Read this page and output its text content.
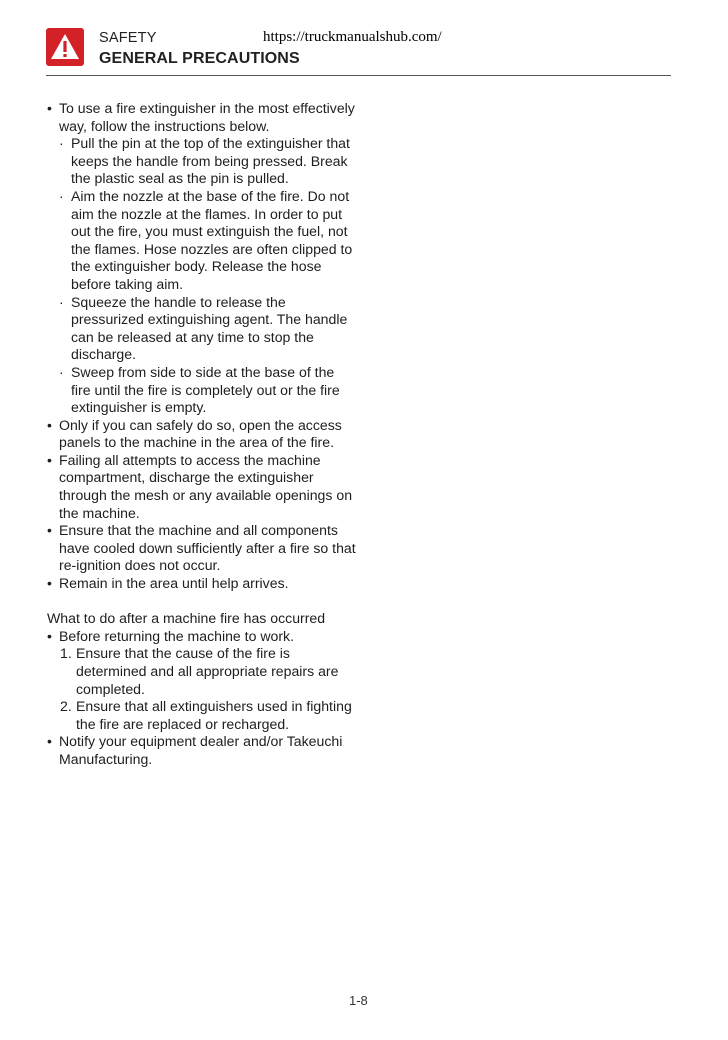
SAFETY	https://truckmanualshub.com/
GENERAL PRECAUTIONS
• To use a fire extinguisher in the most effectively way, follow the instructions below.
· Pull the pin at the top of the extinguisher that keeps the handle from being pressed. Break the plastic seal as the pin is pulled.
· Aim the nozzle at the base of the fire. Do not aim the nozzle at the flames. In order to put out the fire, you must extinguish the fuel, not the flames. Hose nozzles are often clipped to the extinguisher body. Release the hose before taking aim.
· Squeeze the handle to release the pressurized extinguishing agent. The handle can be released at any time to stop the discharge.
· Sweep from side to side at the base of the fire until the fire is completely out or the fire extinguisher is empty.
• Only if you can safely do so, open the access panels to the machine in the area of the fire.
• Failing all attempts to access the machine compartment, discharge the extinguisher through the mesh or any available openings on the machine.
• Ensure that the machine and all components have cooled down sufficiently after a fire so that re-ignition does not occur.
• Remain in the area until help arrives.
What to do after a machine fire has occurred
• Before returning the machine to work.
1. Ensure that the cause of the fire is determined and all appropriate repairs are completed.
2. Ensure that all extinguishers used in fighting the fire are replaced or recharged.
• Notify your equipment dealer and/or Takeuchi Manufacturing.
1-8
